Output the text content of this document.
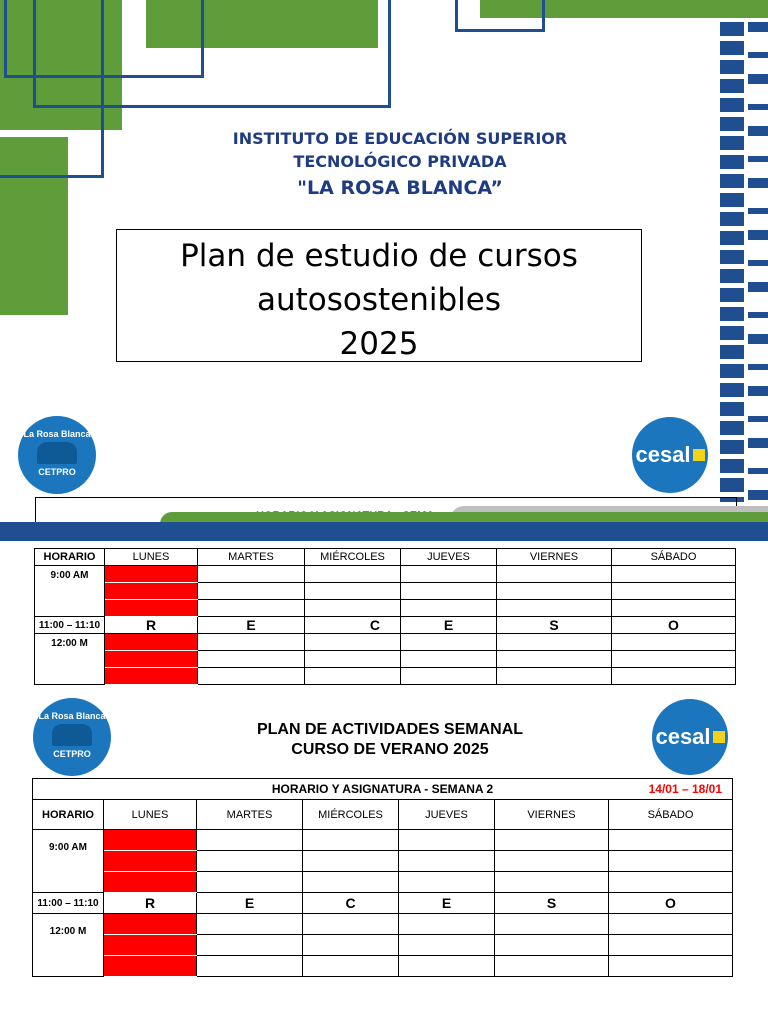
INSTITUTO DE EDUCACIÓN SUPERIOR
TECNOLÓGICO PRIVADA
"LA ROSA BLANCA”
Plan de estudio de cursos
autosostenibles
2025
La Rosa Blanca
CETPRO
cesal
HORARIO	LUNES	MARTES	MIÉRCOLES	JUEVES	VIERNES	SÁBADO
9:00 AM						

11:00 – 11:10	R	E	C	E	S	O
12:00 M						

La Rosa Blanca
CETPRO
PLAN DE ACTIVIDADES SEMANAL
CURSO DE VERANO 2025
cesal
HORARIO Y ASIGNATURA - SEMANA 2 14/01 – 18/01						

HORARIO	LUNES	MARTES	MIÉRCOLES	JUEVES	VIERNES	SÁBADO
9:00 AM						

11:00 – 11:10	R	E	C	E	S	O
12:00 M						
